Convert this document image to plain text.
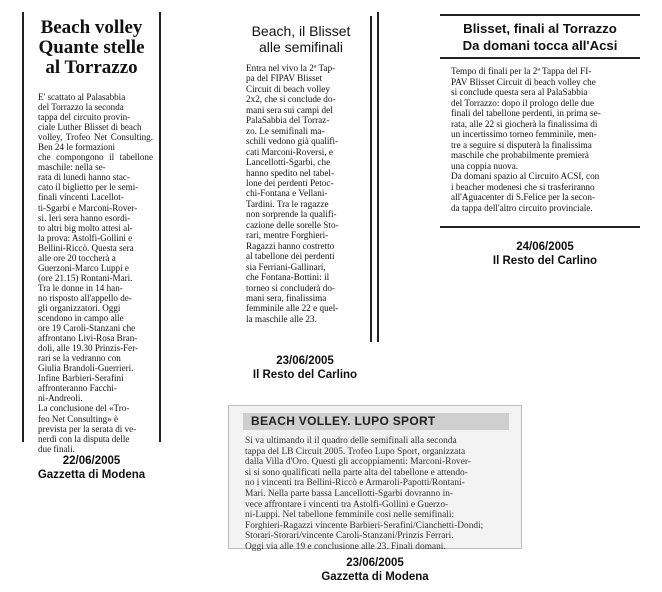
Beach volley
Quante stelle
al Torrazzo
E' scattato al Palasabbia
del Torrazzo la seconda
tappa del circuito provin-
ciale Luther Blisset di beach
volley, Trofeo Net Consulting. Ben 24 le formazioni
che compongono il tabellone maschile: nella se-
rata di lunedì hanno stac-
cato il biglietto per le semi-
finali vincenti Lacellot-
ti-Sgarbi e Marconi-Rover-
si. Ieri sera hanno esordi-
to altri big molto attesi al-
la prova: Astolfi-Gollini e
Bellini-Riccò. Questa sera
alle ore 20 toccherà a
Guerzoni-Marco Luppi e
(ore 21.15) Rontani-Mari.
Tra le donne in 14 han-
no risposto all'appello de-
gli organizzatori. Oggi
scendono in campo alle
ore 19 Caroli-Stanzani che
affrontano Livi-Rosa Bran-
doli, alle 19.30 Prinzis-Fer-
rari se la vedranno con
Giulia Brandoli-Guerrieri.
Infine Barbieri-Serafini
affronteranno Facchi-
ni-Andreoli.
La conclusione del «Tro-
feo Net Consulting» è
prevista per la serata di ve-
nerdì con la disputa delle
due finali.
22/06/2005
Gazzetta di Modena
Beach, il Blisset
alle semifinali
Entra nel vivo la 2ª Tap-
pa del FIPAV Blisset
Circuit di beach volley
2x2, che si conclude do-
mani sera sui campi del
PalaSabbia del Torraz-
zo. Le semifinali ma-
schili vedono già qualifi-
cati Marconi-Roversi, e
Lancellotti-Sgarbi, che
hanno spedito nel tabel-
lone dei perdenti Petoc-
chi-Fontana e Vellani-
Tardini. Tra le ragazze
non sorprende la qualifi-
cazione delle sorelle Sto-
rari, mentre Forghieri-
Ragazzi hanno costretto
al tabellone dei perdenti
sia Ferriani-Gallinari,
che Fontana-Bottini: il
torneo si concluderà do-
mani sera, finalissima
femminile alle 22 e quel-
la maschile alle 23.
23/06/2005
Il Resto del Carlino
Blisset, finali al Torrazzo
Da domani tocca all'Acsi
Tempo di finali per la 2ª Tappa del FI-
PAV Blisset Circuit di beach volley che
si conclude questa sera al PalaSabbia
del Torrazzo: dopo il prologo delle due
finali del tabellone perdenti, in prima se-
rata, alle 22 si giocherà la finalissima di
un incertissimo torneo femminile, men-
tre a seguire si disputerà la finalissima
maschile che probabilmente premierà
una coppia nuova.
Da domani spazio al Circuito ACSI, con
i beacher modenesi che si trasferiranno
all'Aguacenter di S.Felice per la secon-
da tappa dell'altro circuito provinciale.
24/06/2005
Il Resto del Carlino
BEACH VOLLEY. LUPO SPORT
Si va ultimando il il quadro delle semifinali alla seconda
tappa del LB Circuit 2005. Trofeo Lupo Sport, organizzata
dalla Villa d'Oro. Questi gli accoppiamenti: Marconi-Rover-
si si sono qualificati nella parte alta del tabellone e attendo-
no i vincenti tra Bellini-Riccò e Armaroli-Papotti/Rontani-
Mari. Nella parte bassa Lancellotti-Sgarbi dovranno in-
vece affrontare i vincenti tra Astolfi-Gollini e Guerzo-
ni-Luppi. Nel tabellone femminile così nelle semifinali:
Forghieri-Ragazzi vincente Barbieri-Serafini/Cianchetti-Dondi;
Storari-Storari/vincente Caroli-Stanzani/Prinzis Ferrari.
Oggi via alle 19 e conclusione alle 23. Finali domani.
23/06/2005
Gazzetta di Modena
